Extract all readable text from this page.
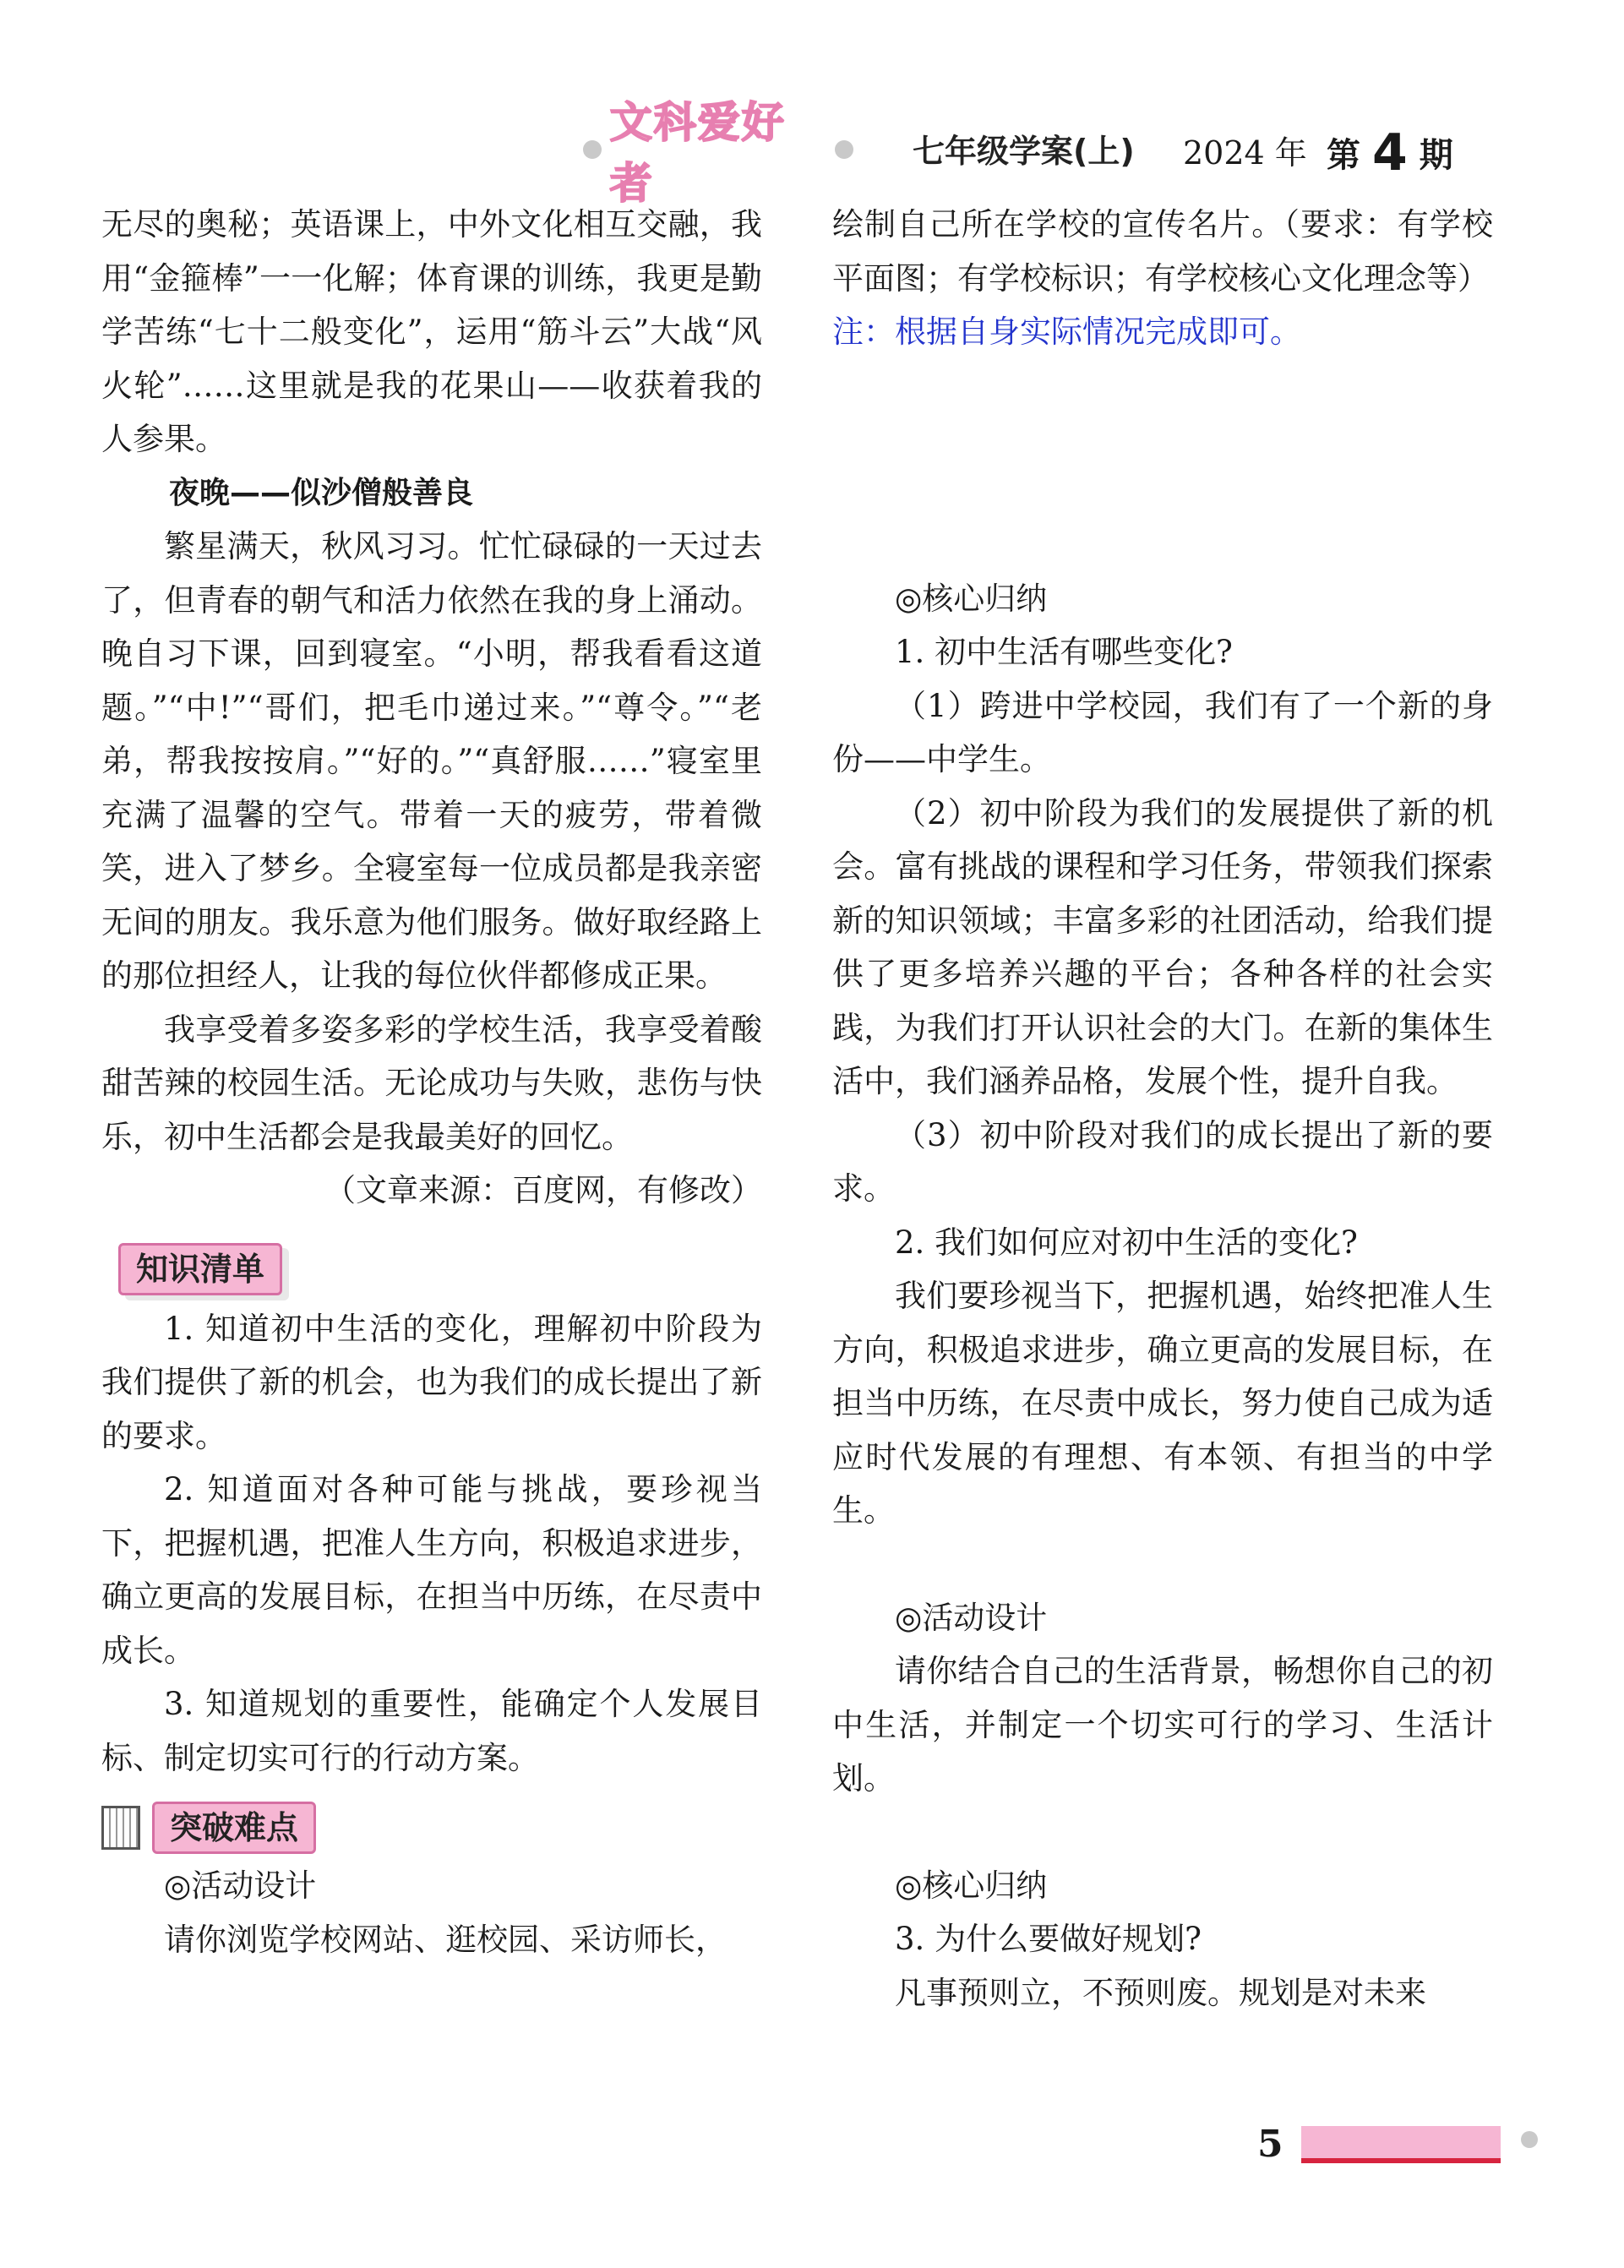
文科爱好者
七年级学案(上) 2024 年 第 4 期

无尽的奥秘；英语课上，中外文化相互交融，我用“金箍棒”一一化解；体育课的训练，我更是勤学苦练“七十二般变化”，运用“筋斗云”大战“风火轮”……这里就是我的花果山——收获着我的人参果。

夜晚——似沙僧般善良

繁星满天，秋风习习。忙忙碌碌的一天过去了，但青春的朝气和活力依然在我的身上涌动。晚自习下课，回到寝室。“小明，帮我看看这道题。”“中!”“哥们，把毛巾递过来。”“尊令。”“老弟，帮我按按肩。”“好的。”“真舒服……”寝室里充满了温馨的空气。带着一天的疲劳，带着微笑，进入了梦乡。全寝室每一位成员都是我亲密无间的朋友。我乐意为他们服务。做好取经路上的那位担经人，让我的每位伙伴都修成正果。

我享受着多姿多彩的学校生活，我享受着酸甜苦辣的校园生活。无论成功与失败，悲伤与快乐，初中生活都会是我最美好的回忆。

（文章来源：百度网，有修改）

知识清单

1. 知道初中生活的变化，理解初中阶段为我们提供了新的机会，也为我们的成长提出了新的要求。

2. 知道面对各种可能与挑战，要珍视当下，把握机遇，把准人生方向，积极追求进步，确立更高的发展目标，在担当中历练，在尽责中成长。

3. 知道规划的重要性，能确定个人发展目标、制定切实可行的行动方案。

突破难点

◎活动设计

请你浏览学校网站、逛校园、采访师长，

绘制自己所在学校的宣传名片。（要求：有学校平面图；有学校标识；有学校核心文化理念等）

注：根据自身实际情况完成即可。

◎核心归纳

1. 初中生活有哪些变化?

（1）跨进中学校园，我们有了一个新的身份——中学生。

（2）初中阶段为我们的发展提供了新的机会。富有挑战的课程和学习任务，带领我们探索新的知识领域；丰富多彩的社团活动，给我们提供了更多培养兴趣的平台；各种各样的社会实践，为我们打开认识社会的大门。在新的集体生活中，我们涵养品格，发展个性，提升自我。

（3）初中阶段对我们的成长提出了新的要求。

2. 我们如何应对初中生活的变化?

我们要珍视当下，把握机遇，始终把准人生方向，积极追求进步，确立更高的发展目标，在担当中历练，在尽责中成长，努力使自己成为适应时代发展的有理想、有本领、有担当的中学生。

◎活动设计

请你结合自己的生活背景，畅想你自己的初中生活，并制定一个切实可行的学习、生活计划。

◎核心归纳

3. 为什么要做好规划?

凡事预则立，不预则废。规划是对未来

5
